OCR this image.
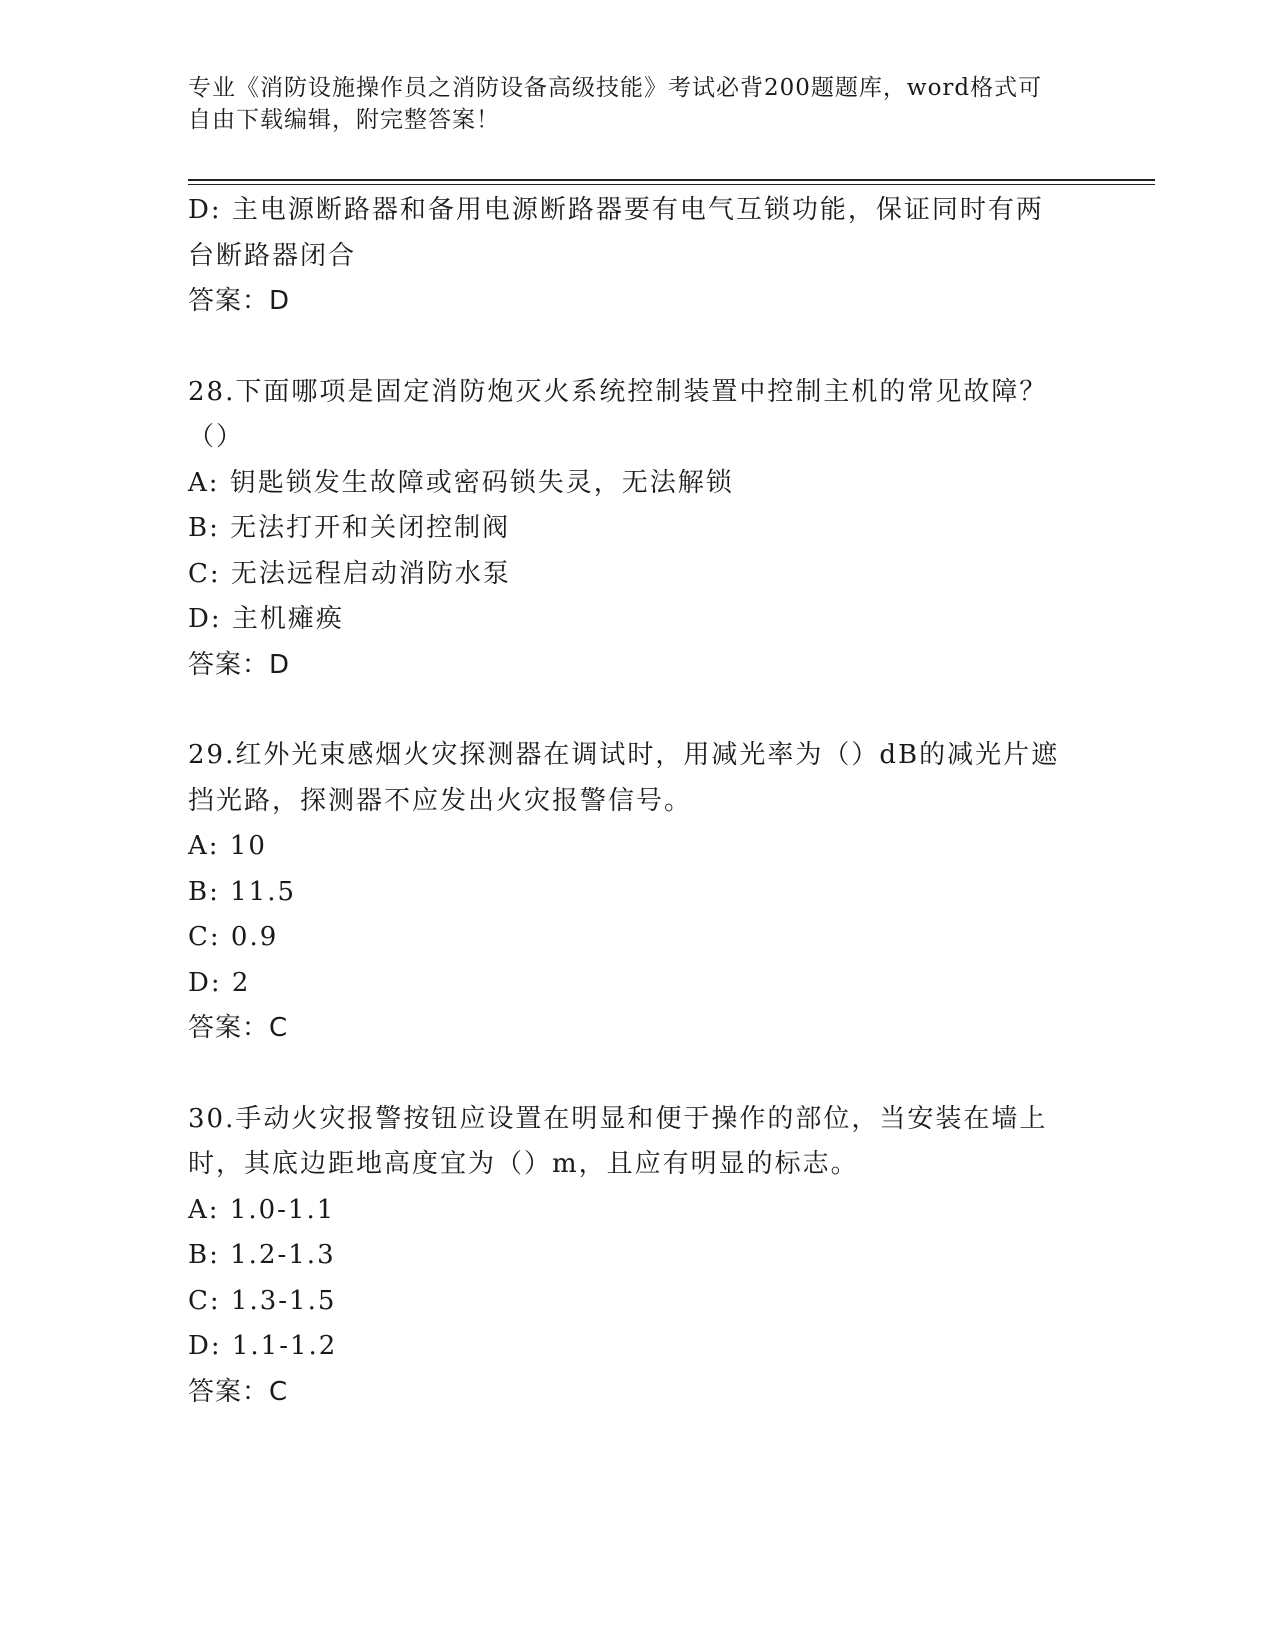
专业《消防设施操作员之消防设备高级技能》考试必背200题题库，word格式可
自由下载编辑，附完整答案！
D: 主电源断路器和备用电源断路器要有电气互锁功能，保证同时有两
台断路器闭合
答案：D
28.下面哪项是固定消防炮灭火系统控制装置中控制主机的常见故障？
（）
A: 钥匙锁发生故障或密码锁失灵，无法解锁
B: 无法打开和关闭控制阀
C: 无法远程启动消防水泵
D: 主机瘫痪
答案：D
29.红外光束感烟火灾探测器在调试时，用减光率为（）dB的减光片遮
挡光路，探测器不应发出火灾报警信号。
A: 10
B: 11.5
C: 0.9
D: 2
答案：C
30.手动火灾报警按钮应设置在明显和便于操作的部位，当安装在墙上
时，其底边距地高度宜为（）m，且应有明显的标志。
A: 1.0-1.1
B: 1.2-1.3
C: 1.3-1.5
D: 1.1-1.2
答案：C
